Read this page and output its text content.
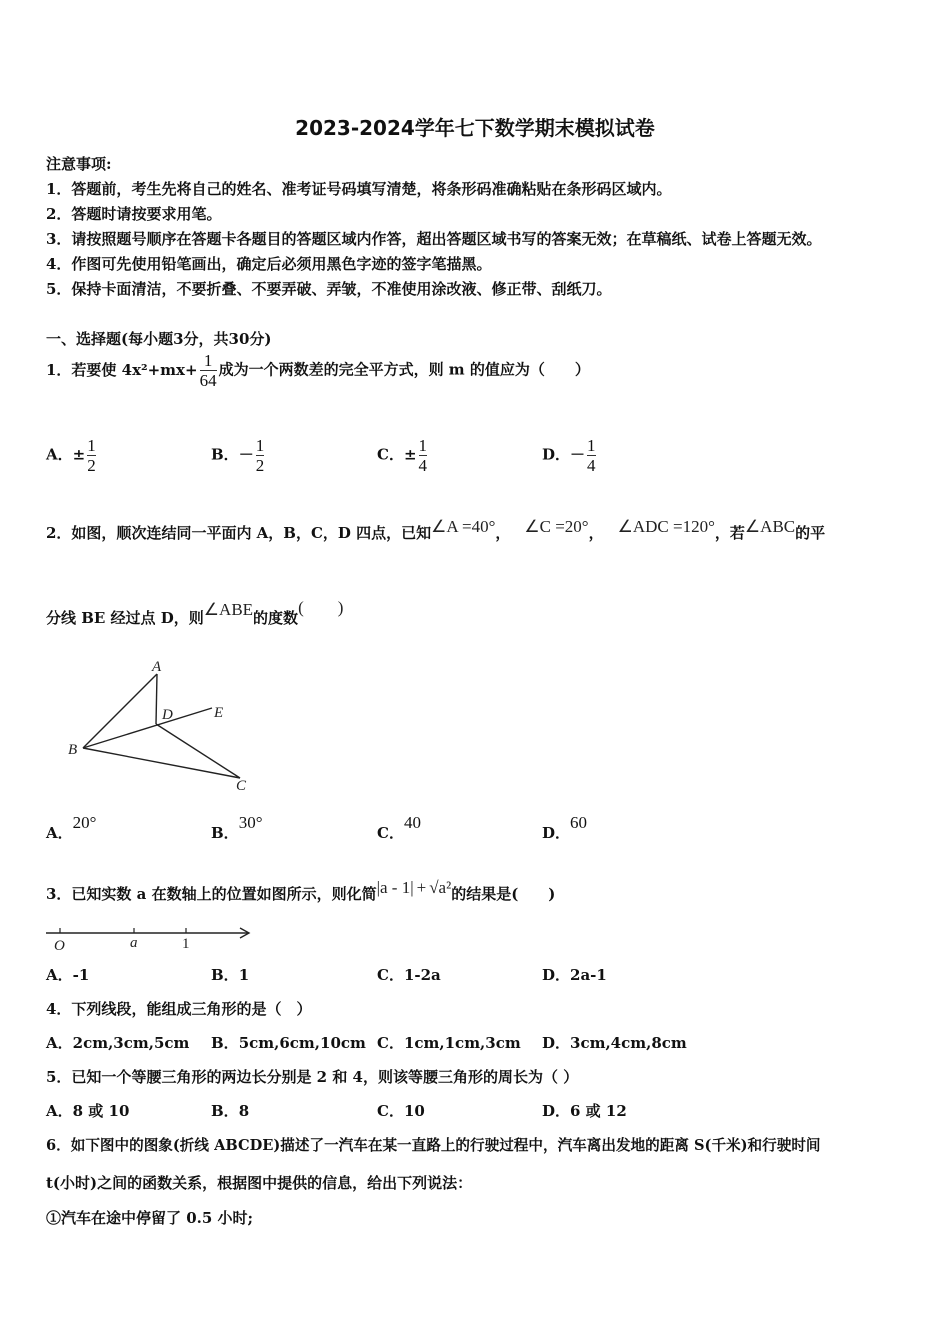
2023-2024学年七下数学期末模拟试卷
注意事项:
1．答题前，考生先将自己的姓名、准考证号码填写清楚，将条形码准确粘贴在条形码区域内。
2．答题时请按要求用笔。
3．请按照题号顺序在答题卡各题目的答题区域内作答，超出答题区域书写的答案无效；在草稿纸、试卷上答题无效。
4．作图可先使用铅笔画出，确定后必须用黑色字迹的签字笔描黑。
5．保持卡面清洁，不要折叠、不要弄破、弄皱，不准使用涂改液、修正带、刮纸刀。
一、选择题(每小题3分，共30分)
1．若要使 $4x^2+mx+ \frac{1}{64}$ 成为一个两数差的完全平方式，则 m 的值应为（　　）
A．± $\frac{1}{2}$	B．－ $\frac{1}{2}$	C．± $\frac{1}{4}$	D．－ $\frac{1}{4}$
2．如图，顺次连结同一平面内 A，B，C，D 四点，已知∠A =40°， ∠C =20°， ∠ADC =120°，若∠ABC的平
分线 BE 经过点 D，则∠ABE的度数(　　)
A
B
C
D	E
A．20°
B．30°
C．40
D．60
3．已知实数 a 在数轴上的位置如图所示，则化简|a - 1| + √a²的结果是(　　)
O	a	1
A．-1	B．1	C．1-2a	D．2a-1
4．下列线段，能组成三角形的是（　）
A．2cm,3cm,5cm B．5cm,6cm,10cm C．1cm,1cm,3cm D．3cm,4cm,8cm
5．已知一个等腰三角形的两边长分别是 2 和 4，则该等腰三角形的周长为（ ）
A．8 或 10	B．8	C．10	D．6 或 12
6．如下图中的图象(折线 ABCDE)描述了一汽车在某一直路上的行驶过程中，汽车离出发地的距离 S(千米)和行驶时间
t(小时)之间的函数关系，根据图中提供的信息，给出下列说法：
①汽车在途中停留了 0.5 小时;
